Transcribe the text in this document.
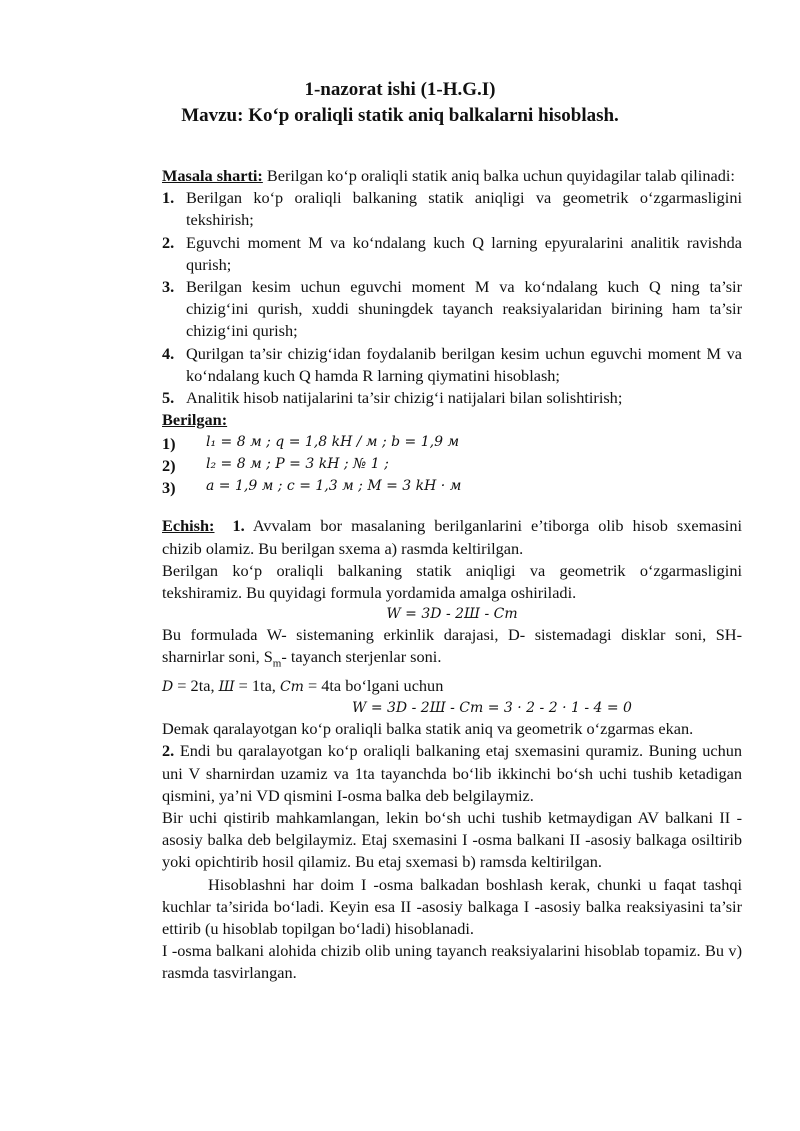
1-nazorat ishi (1-H.G.I)
Mavzu: Ko‘p oraliqli statik aniq balkalarni hisoblash.

Masala sharti: Berilgan ko‘p oraliqli statik aniq balka uchun quyidagilar talab qilinadi:

1. Berilgan ko‘p oraliqli balkaning statik aniqligi va geometrik o‘zgarmasligini tekshirish;
2. Eguvchi moment M va ko‘ndalang kuch Q larning epyuralarini analitik ravishda qurish;
3. Berilgan kesim uchun eguvchi moment M va ko‘ndalang kuch Q ning ta’sir chizig‘ini qurish, xuddi shuningdek tayanch reaksiyalaridan birining ham ta’sir chizig‘ini qurish;
4. Qurilgan ta’sir chizig‘idan foydalanib berilgan kesim uchun eguvchi moment M va ko‘ndalang kuch Q hamda R larning qiymatini hisoblash;
5. Analitik hisob natijalarini ta’sir chizig‘i natijalari bilan solishtirish;

Berilgan:

1) l₁ = 8 м ; q = 1,8 kH / м ; b = 1,9 м
2) l₂ = 8 м ; P = 3 kH ; № 1 ;
3) a = 1,9 м ; c = 1,3 м ; M = 3 kH · м

Echish: 1. Avvalam bor masalaning berilganlarini e’tiborga olib hisob sxemasini chizib olamiz. Bu berilgan sxema a) rasmda keltirilgan.

Berilgan ko‘p oraliqli balkaning statik aniqligi va geometrik o‘zgarmasligini tekshiramiz. Bu quyidagi formula yordamida amalga oshiriladi.

W = 3D - 2Ш - Cm

Bu formulada W- sistemaning erkinlik darajasi, D- sistemadagi disklar soni, SH- sharnirlar soni, $S_m-$ tayanch sterjenlar soni.

D = 2ta, Ш = 1ta, Cm = 4ta bo‘lgani uchun

W = 3D - 2Ш - Cm = 3 · 2 - 2 · 1 - 4 = 0

Demak qaralayotgan ko‘p oraliqli balka statik aniq va geometrik o‘zgarmas ekan.

2. Endi bu qaralayotgan ko‘p oraliqli balkaning etaj sxemasini quramiz. Buning uchun uni V sharnirdan uzamiz va 1ta tayanchda bo‘lib ikkinchi bo‘sh uchi tushib ketadigan qismini, ya’ni VD qismini I-osma balka deb belgilaymiz.

Bir uchi qistirib mahkamlangan, lekin bo‘sh uchi tushib ketmaydigan AV balkani II -asosiy balka deb belgilaymiz. Etaj sxemasini I -osma balkani II -asosiy balkaga osiltirib yoki opichtirib hosil qilamiz. Bu etaj sxemasi b) ramsda keltirilgan.

Hisoblashni har doim I -osma balkadan boshlash kerak, chunki u faqat tashqi kuchlar ta’sirida bo‘ladi. Keyin esa II -asosiy balkaga I -asosiy balka reaksiyasini ta’sir ettirib (u hisoblab topilgan bo‘ladi) hisoblanadi.

I -osma balkani alohida chizib olib uning tayanch reaksiyalarini hisoblab topamiz. Bu v) rasmda tasvirlangan.
